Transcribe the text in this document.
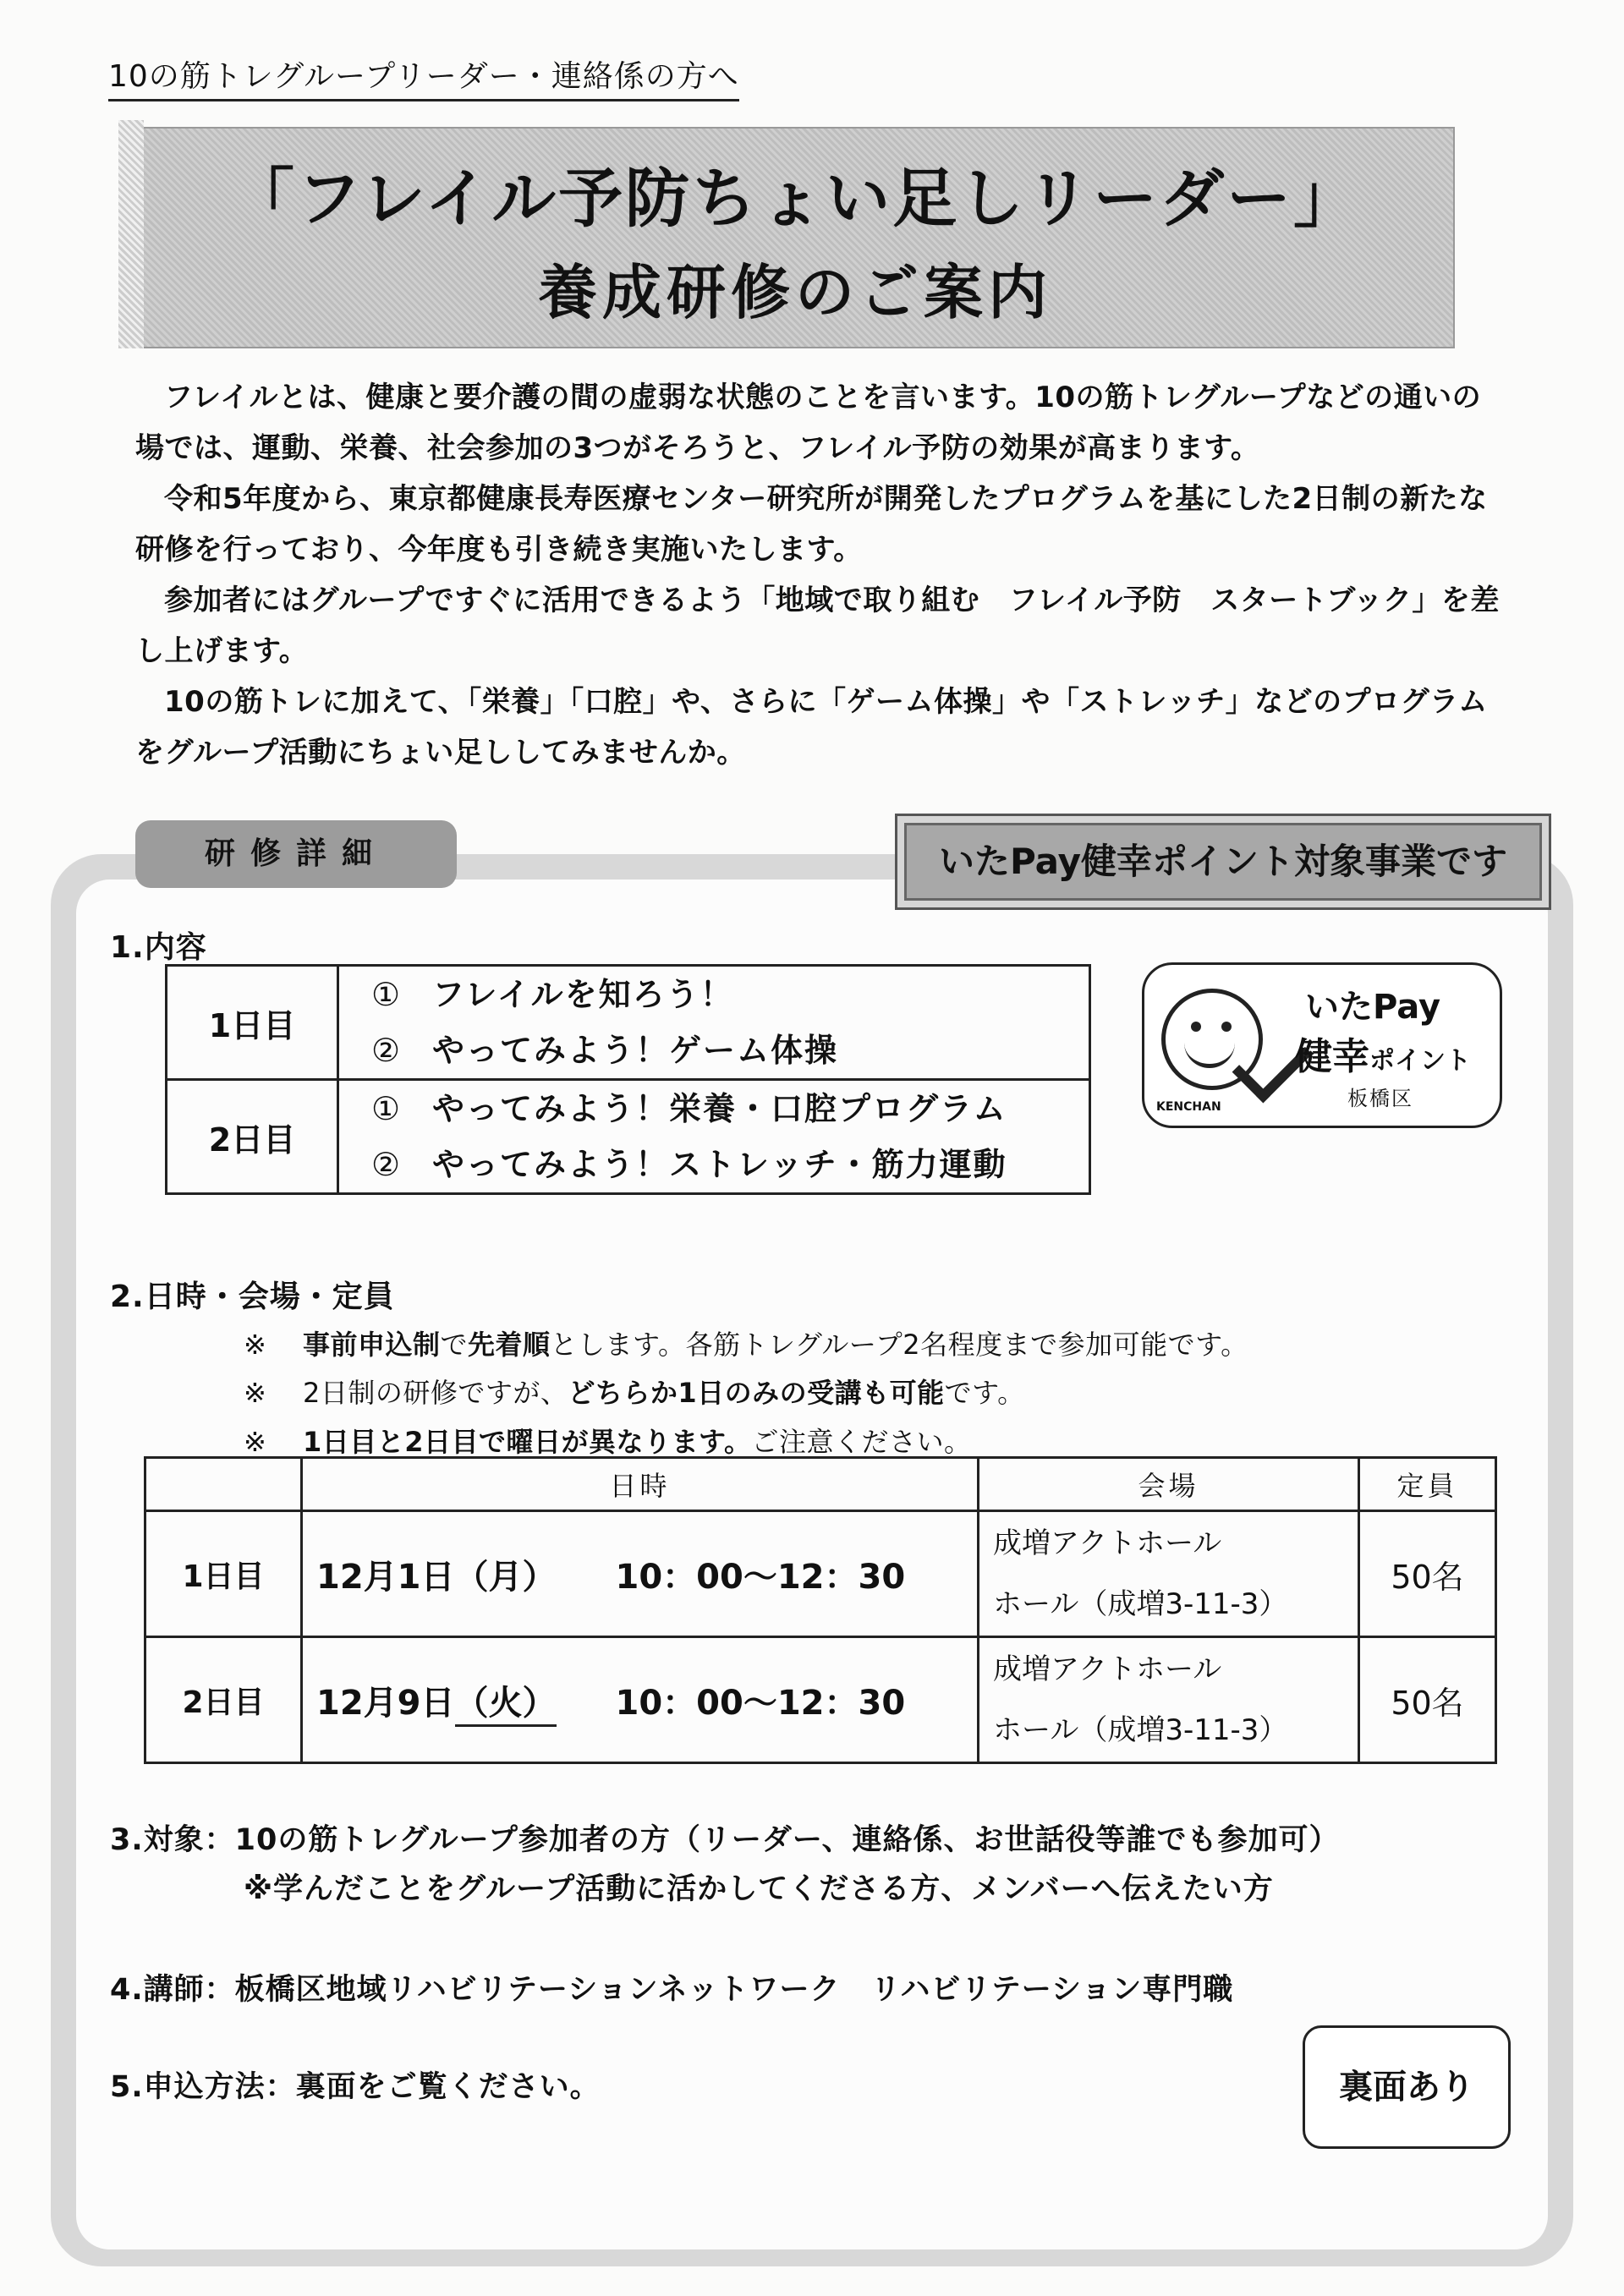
10の筋トレグループリーダー・連絡係の方へ
「フレイル予防ちょい足しリーダー」
養成研修のご案内

フレイルとは、健康と要介護の間の虚弱な状態のことを言います。10の筋トレグループなどの通いの場では、運動、栄養、社会参加の3つがそろうと、フレイル予防の効果が高まります。

令和5年度から、東京都健康長寿医療センター研究所が開発したプログラムを基にした2日制の新たな研修を行っており、今年度も引き続き実施いたします。

参加者にはグループですぐに活用できるよう「地域で取り組む　フレイル予防　スタートブック」を差し上げます。

10の筋トレに加えて、「栄養」「口腔」や、さらに「ゲーム体操」や「ストレッチ」などのプログラムをグループ活動にちょい足ししてみませんか。

研修詳細	いたPay健幸ポイント対象事業です
1.内容
1日目	① フレイルを知ろう！
② やってみよう！ゲーム体操

2日目	① やってみよう！栄養・口腔プログラム
② やってみよう！ストレッチ・筋力運動
KENCHAN
いたPay
健幸ポイント
板橋区
2.日時・会場・定員
※ 事前申込制で先着順とします。各筋トレグループ2名程度まで参加可能です。
※ 2日制の研修ですが、どちらか1日のみの受講も可能です。
※ 1日目と2日目で曜日が異なります。ご注意ください。
	日時	会場	定員
1日目	12月1日（月） 10：00～12：30	成増アクトホール
ホール（成増3-11-3）	50名
2日目	12月9日（火） 10：00～12：30	成増アクトホール
ホール（成増3-11-3）	50名
3.対象：10の筋トレグループ参加者の方（リーダー、連絡係、お世話役等誰でも参加可）
※学んだことをグループ活動に活かしてくださる方、メンバーへ伝えたい方
4.講師：板橋区地域リハビリテーションネットワーク　リハビリテーション専門職
5.申込方法：裏面をご覧ください。	裏面あり
